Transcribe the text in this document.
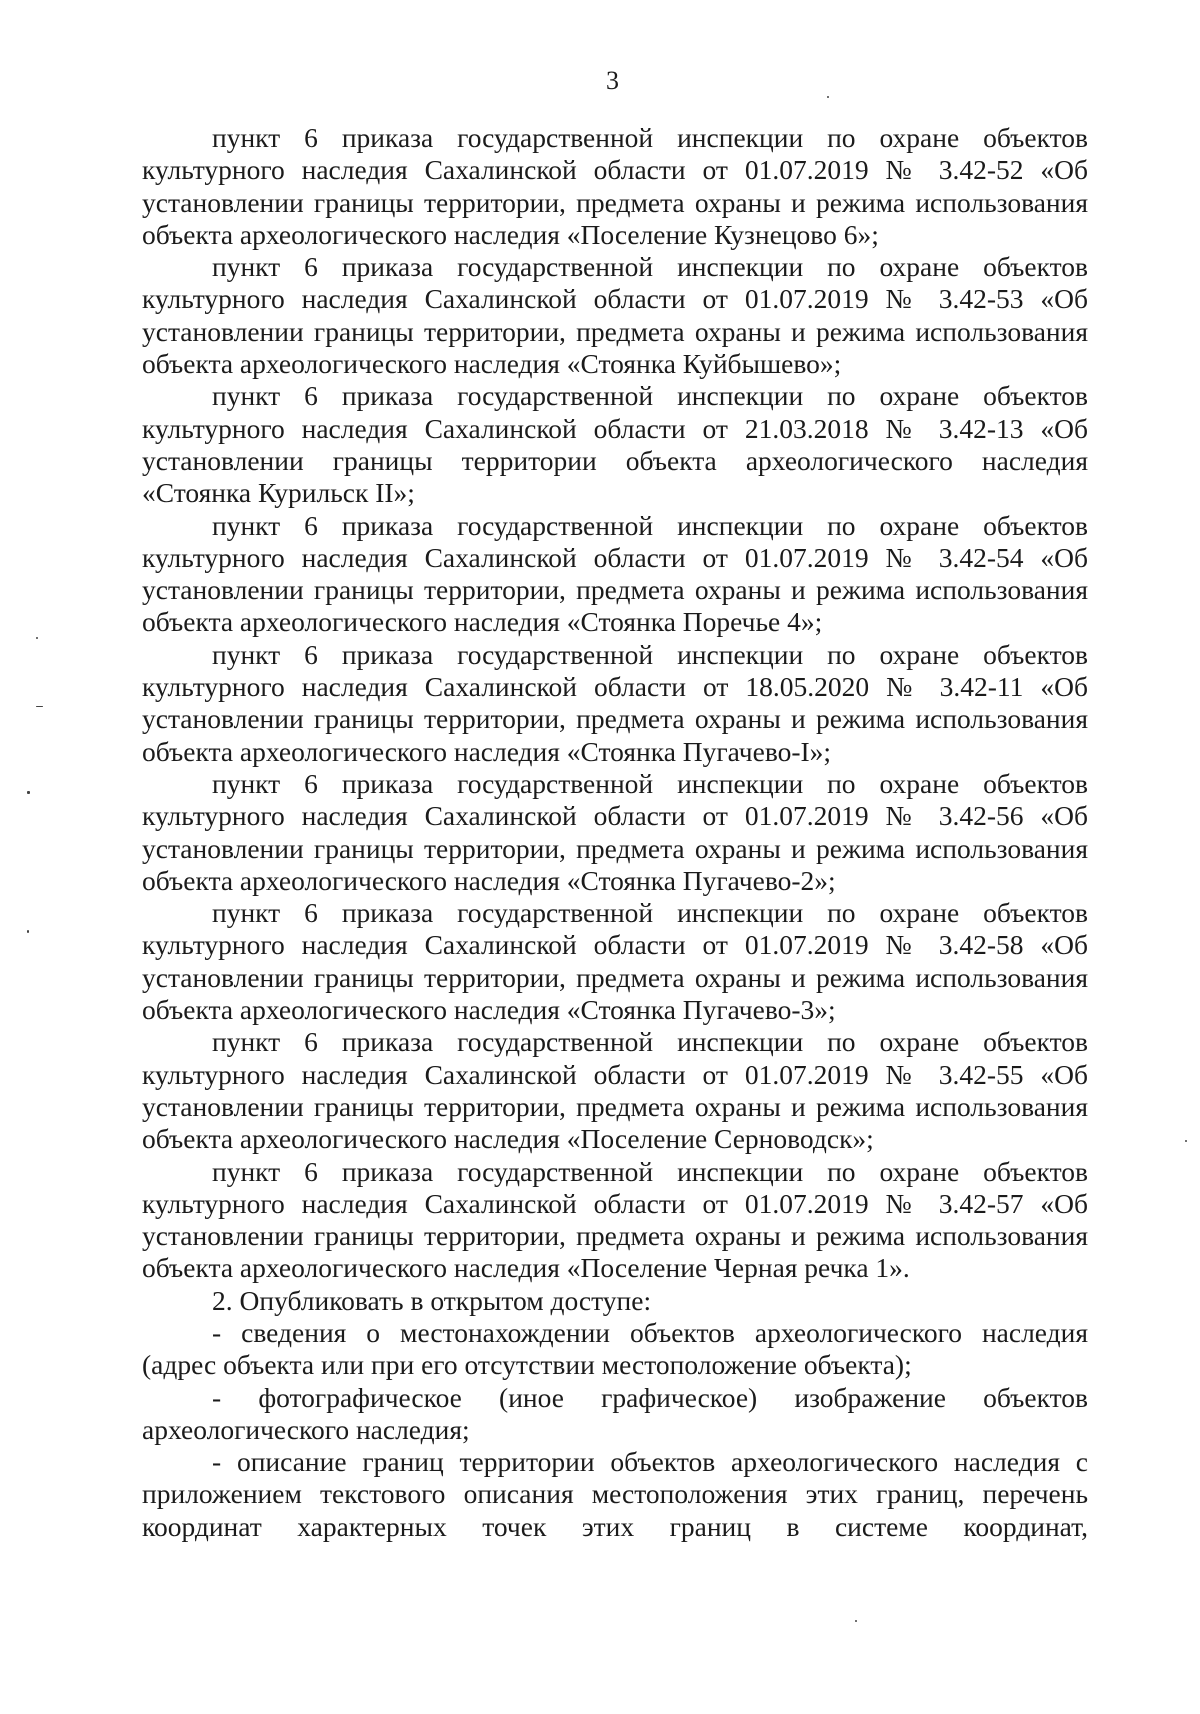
3
пункт 6 приказа государственной инспекции по охране объектов
культурного наследия Сахалинской области от 01.07.2019 № 3.42-52 «Об
установлении границы территории, предмета охраны и режима использования
объекта археологического наследия «Поселение Кузнецово 6»;
пункт 6 приказа государственной инспекции по охране объектов
культурного наследия Сахалинской области от 01.07.2019 № 3.42-53 «Об
установлении границы территории, предмета охраны и режима использования
объекта археологического наследия «Стоянка Куйбышево»;
пункт 6 приказа государственной инспекции по охране объектов
культурного наследия Сахалинской области от 21.03.2018 № 3.42-13 «Об
установлении границы территории объекта археологического наследия
«Стоянка Курильск II»;
пункт 6 приказа государственной инспекции по охране объектов
культурного наследия Сахалинской области от 01.07.2019 № 3.42-54 «Об
установлении границы территории, предмета охраны и режима использования
объекта археологического наследия «Стоянка Поречье 4»;
пункт 6 приказа государственной инспекции по охране объектов
культурного наследия Сахалинской области от 18.05.2020 № 3.42-11 «Об
установлении границы территории, предмета охраны и режима использования
объекта археологического наследия «Стоянка Пугачево-I»;
пункт 6 приказа государственной инспекции по охране объектов
культурного наследия Сахалинской области от 01.07.2019 № 3.42-56 «Об
установлении границы территории, предмета охраны и режима использования
объекта археологического наследия «Стоянка Пугачево-2»;
пункт 6 приказа государственной инспекции по охране объектов
культурного наследия Сахалинской области от 01.07.2019 № 3.42-58 «Об
установлении границы территории, предмета охраны и режима использования
объекта археологического наследия «Стоянка Пугачево-3»;
пункт 6 приказа государственной инспекции по охране объектов
культурного наследия Сахалинской области от 01.07.2019 № 3.42-55 «Об
установлении границы территории, предмета охраны и режима использования
объекта археологического наследия «Поселение Серноводск»;
пункт 6 приказа государственной инспекции по охране объектов
культурного наследия Сахалинской области от 01.07.2019 № 3.42-57 «Об
установлении границы территории, предмета охраны и режима использования
объекта археологического наследия «Поселение Черная речка 1».
2. Опубликовать в открытом доступе:
- сведения о местонахождении объектов археологического наследия
(адрес объекта или при его отсутствии местоположение объекта);
- фотографическое (иное графическое) изображение объектов
археологического наследия;
- описание границ территории объектов археологического наследия с
приложением текстового описания местоположения этих границ, перечень
координат характерных точек этих границ в системе координат,
